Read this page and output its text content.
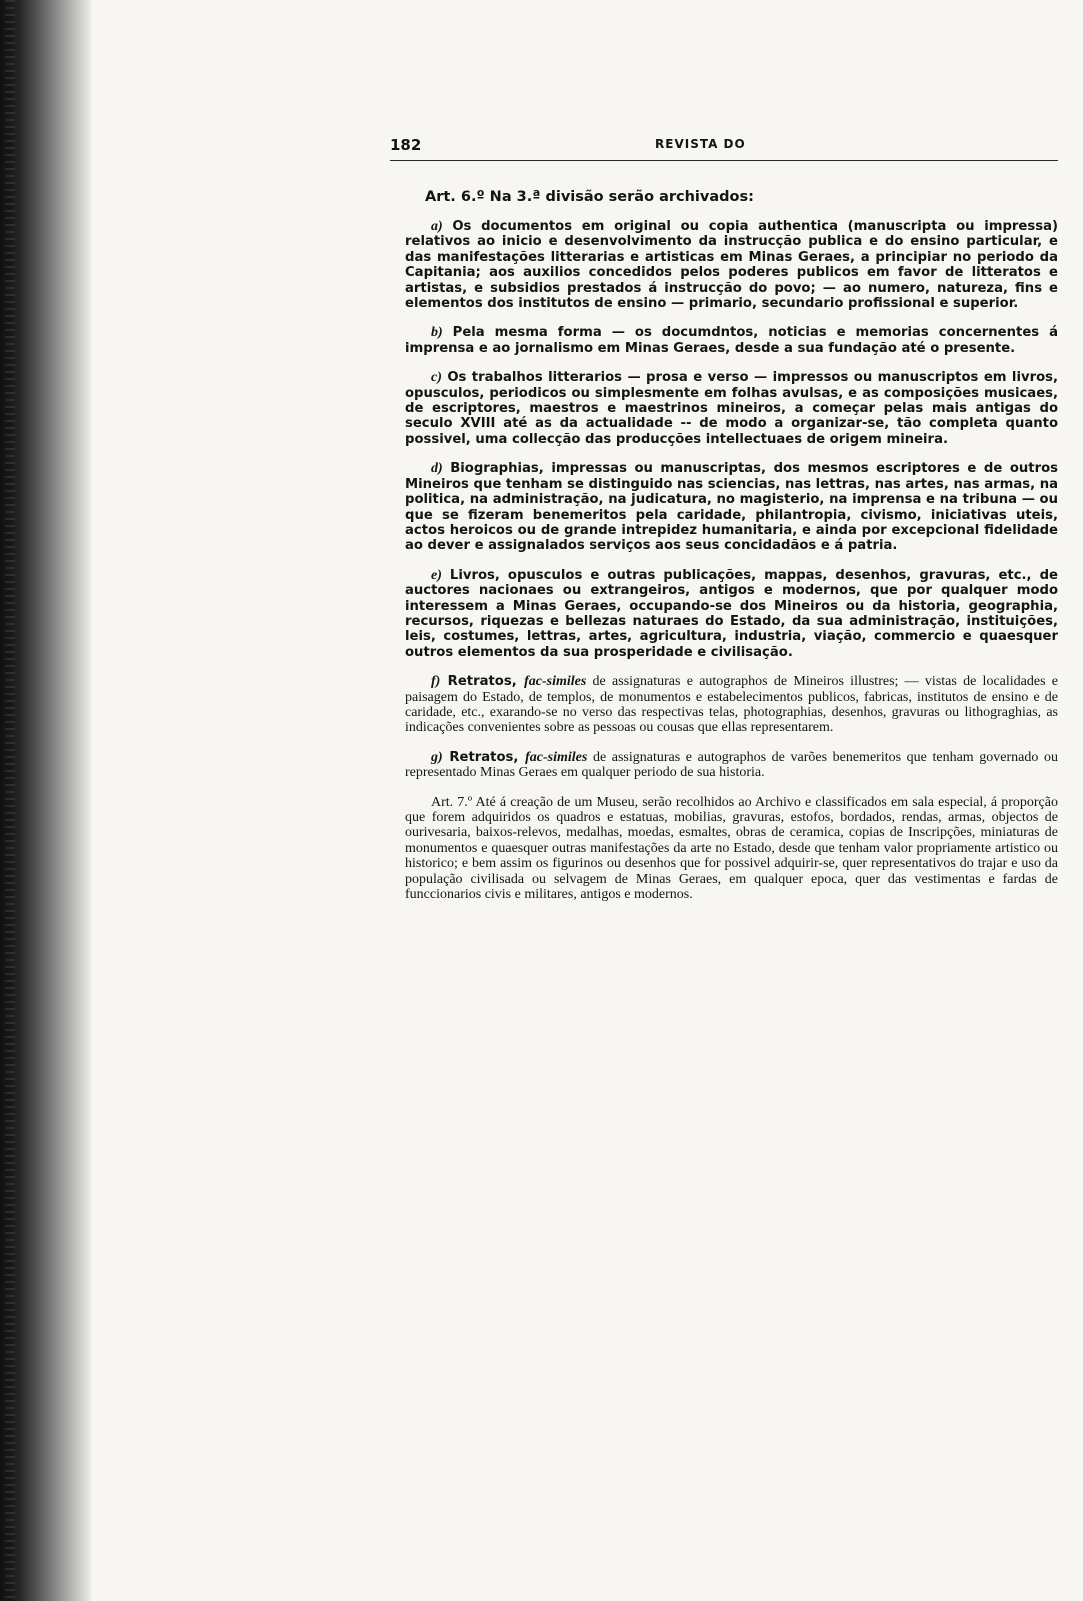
182	REVISTA DO
Art. 6.º Na 3.ª divisão serão archivados:

a) Os documentos em original ou copia authentica (manuscripta ou impressa) relativos ao inicio e desenvolvimento da instrucção publica e do ensino particular, e das manifestações litterarias e artisticas em Minas Geraes, a principiar no periodo da Capitania; aos auxilios concedidos pelos poderes publicos em favor de litteratos e artistas, e subsidios prestados á instrucção do povo; — ao numero, natureza, fins e elementos dos institutos de ensino — primario, secundario profissional e superior.

b) Pela mesma forma — os documdntos, noticias e memorias concernentes á imprensa e ao jornalismo em Minas Geraes, desde a sua fundação até o presente.

c) Os trabalhos litterarios — prosa e verso — impressos ou manuscriptos em livros, opusculos, periodicos ou simplesmente em folhas avulsas, e as composições musicaes, de escriptores, maestros e maestrinos mineiros, a começar pelas mais antigas do seculo XVIII até as da actualidade -- de modo a organizar-se, tão completa quanto possivel, uma collecção das producções intellectuaes de origem mineira.

d) Biographias, impressas ou manuscriptas, dos mesmos escriptores e de outros Mineiros que tenham se distinguido nas sciencias, nas lettras, nas artes, nas armas, na politica, na administração, na judicatura, no magisterio, na imprensa e na tribuna — ou que se fizeram benemeritos pela caridade, philantropia, civismo, iniciativas uteis, actos heroicos ou de grande intrepidez humanitaria, e ainda por excepcional fidelidade ao dever e assignalados serviços aos seus concidadãos e á patria.

e) Livros, opusculos e outras publicações, mappas, desenhos, gravuras, etc., de auctores nacionaes ou extrangeiros, antigos e modernos, que por qualquer modo interessem a Minas Geraes, occupando-se dos Mineiros ou da historia, geographia, recursos, riquezas e bellezas naturaes do Estado, da sua administração, instituições, leis, costumes, lettras, artes, agricultura, industria, viação, commercio e quaesquer outros elementos da sua prosperidade e civilisação.

f) Retratos, fac-similes de assignaturas e autographos de Mineiros illustres; — vistas de localidades e paisagem do Estado, de templos, de monumentos e estabelecimentos publicos, fabricas, institutos de ensino e de caridade, etc., exarando-se no verso das respectivas telas, photographias, desenhos, gravuras ou lithograghias, as indicações convenientes sobre as pessoas ou cousas que ellas representarem.

g) Retratos, fac-similes de assignaturas e autographos de varões benemeritos que tenham governado ou representado Minas Geraes em qualquer periodo de sua historia.

Art. 7.º Até á creação de um Museu, serão recolhidos ao Archivo e classificados em sala especial, á proporção que forem adquiridos os quadros e estatuas, mobilias, gravuras, estofos, bordados, rendas, armas, objectos de ourivesaria, baixos-relevos, medalhas, moedas, esmaltes, obras de ceramica, copias de Inscripções, miniaturas de monumentos e quaesquer outras manifestações da arte no Estado, desde que tenham valor propriamente artistico ou historico; e bem assim os figurinos ou desenhos que for possivel adquirir-se, quer representativos do trajar e uso da população civilisada ou selvagem de Minas Geraes, em qualquer epoca, quer das vestimentas e fardas de funccionarios civis e militares, antigos e modernos.
